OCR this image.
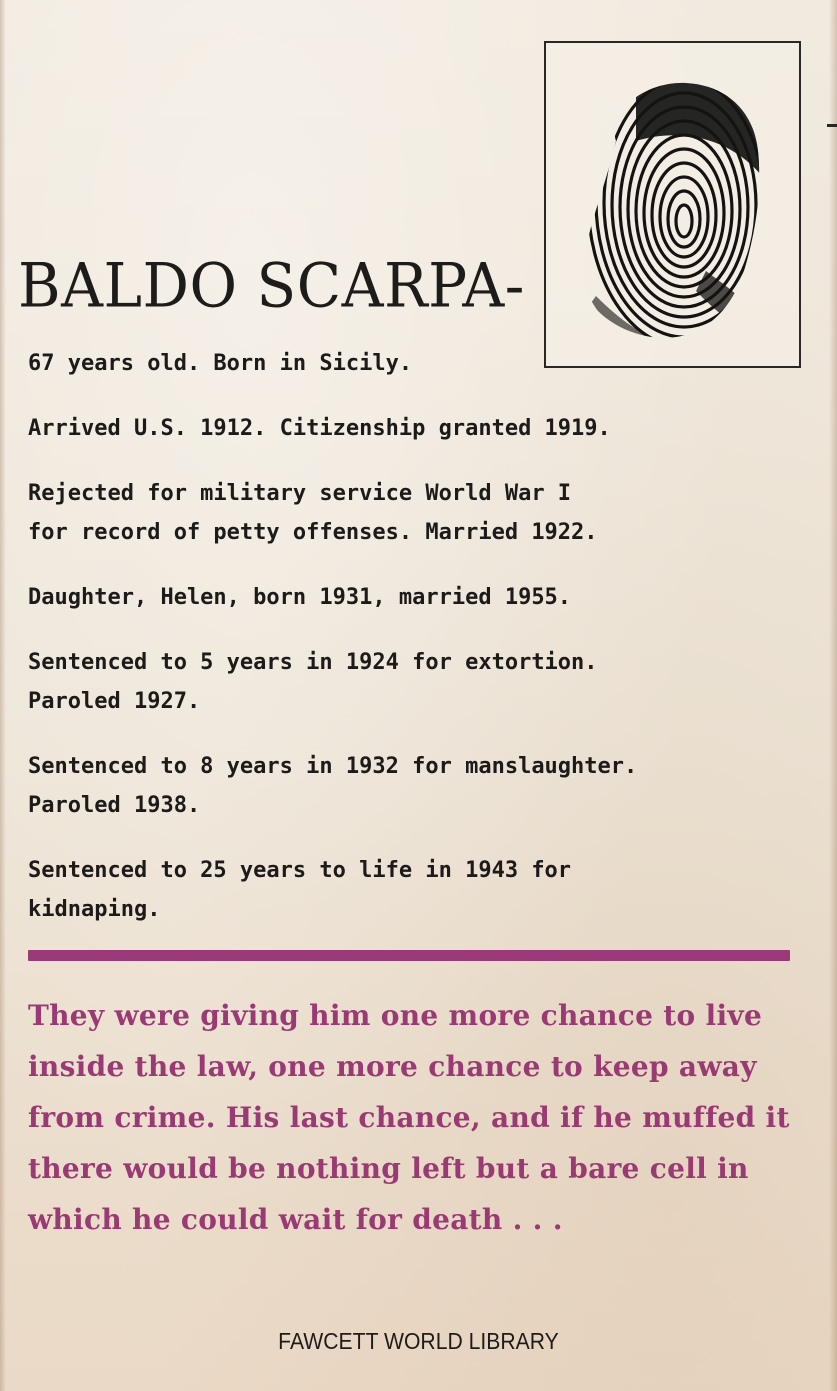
BALDO SCARPA-

67 years old. Born in Sicily.

Arrived U.S. 1912. Citizenship granted 1919.

Rejected for military service World War I
for record of petty offenses. Married 1922.

Daughter, Helen, born 1931, married 1955.

Sentenced to 5 years in 1924 for extortion.
Paroled 1927.

Sentenced to 8 years in 1932 for manslaughter.
Paroled 1938.

Sentenced to 25 years to life in 1943 for
kidnaping.

They were giving him one more chance to live inside the law, one more chance to keep away from crime. His last chance, and if he muffed it there would be nothing left but a bare cell in which he could wait for death . . .

FAWCETT WORLD LIBRARY
